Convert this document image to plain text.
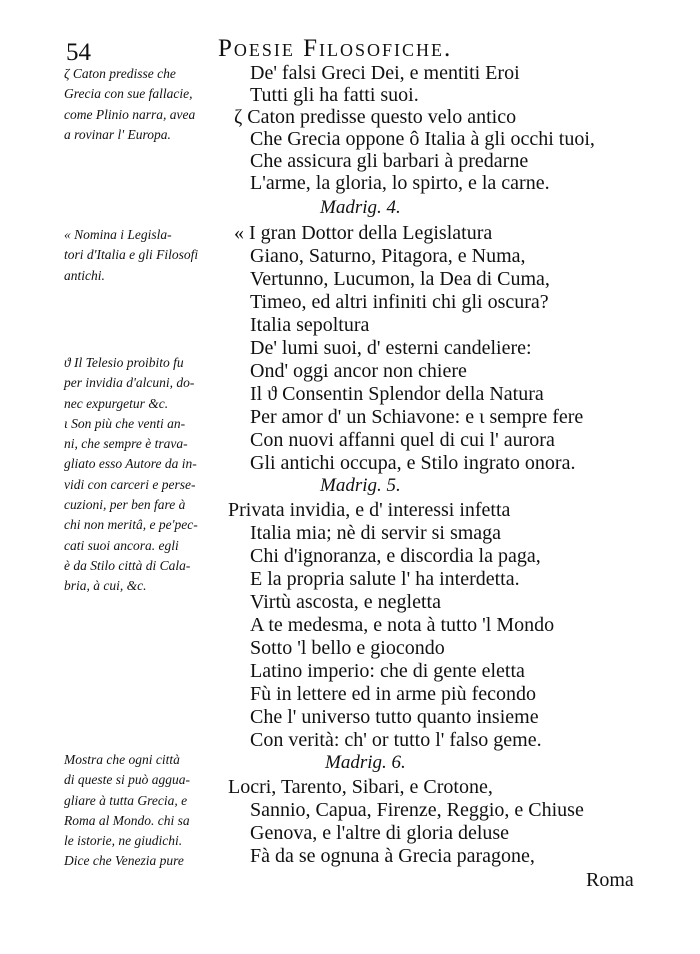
54	Poesie Filosofiche.
ζ Caton predisse che
Grecia con sue fallacie,
come Plinio narra, avea
a rovinar l' Europa.
« Nomina i Legisla-
tori d'Italia e gli Filosofi
antichi.
ϑ Il Telesio proibito fu
per invidia d'alcuni, do-
nec expurgetur &c.
ι Son più che venti an-
ni, che sempre è trava-
gliato esso Autore da in-
vidi con carceri e perse-
cuzioni, per ben fare à
chi non meritâ, e pe'pec-
cati suoi ancora. egli
è da Stilo città di Cala-
bria, à cui, &c.
Mostra che ogni città
di queste si può aggua-
gliare à tutta Grecia, e
Roma al Mondo. chi sa
le istorie, ne giudichi.
Dice che Venezia pure
De' falsi Greci Dei, e mentiti Eroi
Tutti gli ha fatti suoi.
ζ Caton predisse questo velo antico
Che Grecia oppone ô Italia à gli occhi tuoi,
Che assicura gli barbari à predarne
L'arme, la gloria, lo spirto, e la carne.
Madrig. 4.
« I gran Dottor della Legislatura
Giano, Saturno, Pitagora, e Numa,
Vertunno, Lucumon, la Dea di Cuma,
Timeo, ed altri infiniti chi gli oscura?
Italia sepoltura
De' lumi suoi, d' esterni candeliere:
Ond' oggi ancor non chiere
Il ϑ Consentin Splendor della Natura
Per amor d' un Schiavone: e ι sempre fere
Con nuovi affanni quel di cui l' aurora
Gli antichi occupa, e Stilo ingrato onora.
Madrig. 5.
Privata invidia, e d' interessi infetta
Italia mia; nè di servir si smaga
Chi d'ignoranza, e discordia la paga,
E la propria salute l' ha interdetta.
Virtù ascosta, e negletta
A te medesma, e nota à tutto 'l Mondo
Sotto 'l bello e giocondo
Latino imperio: che di gente eletta
Fù in lettere ed in arme più fecondo
Che l' universo tutto quanto insieme
Con verità: ch' or tutto l' falso geme.
Madrig. 6.
Locri, Tarento, Sibari, e Crotone,
Sannio, Capua, Firenze, Reggio, e Chiuse
Genova, e l'altre di gloria deluse
Fà da se ognuna à Grecia paragone,
Roma
